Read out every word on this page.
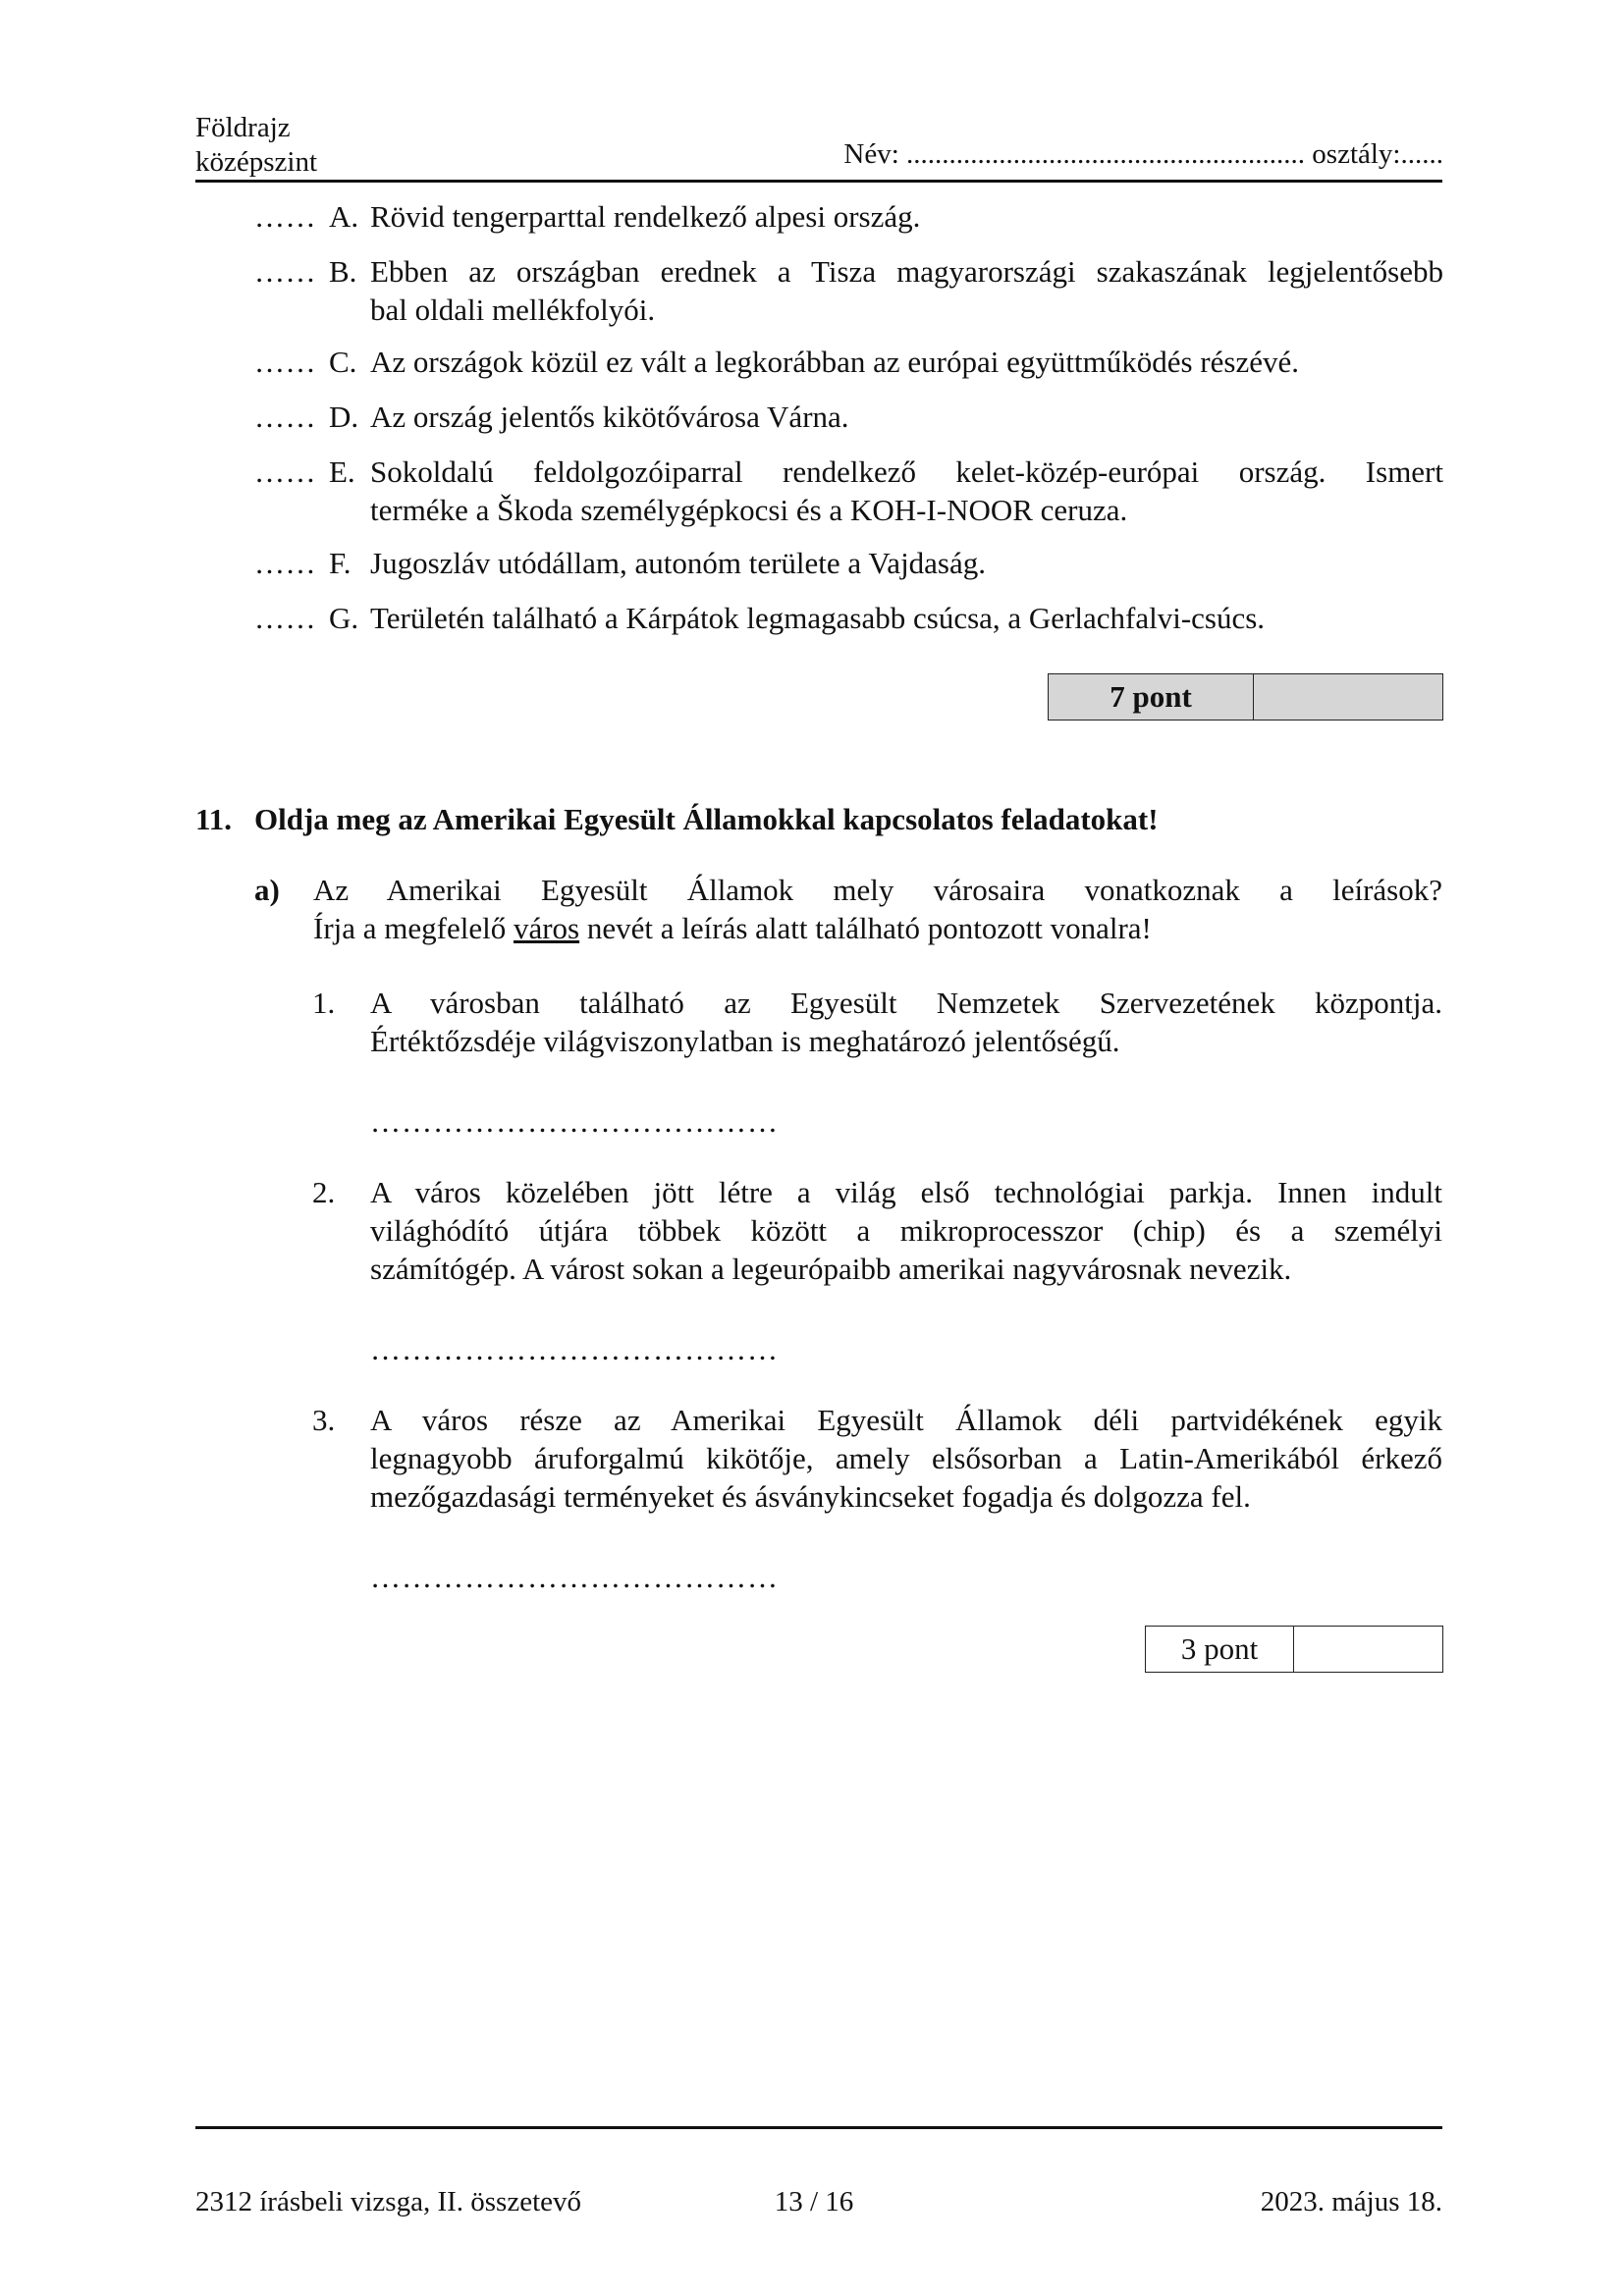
Földrajz
középszint	Név: ........................................................ osztály:......
…… A. Rövid tengerparttal rendelkező alpesi ország.
…… B. Ebben az országban erednek a Tisza magyarországi szakaszának legjelentősebb
bal oldali mellékfolyói.
…… C. Az országok közül ez vált a legkorábban az európai együttműködés részévé.
…… D. Az ország jelentős kikötővárosa Várna.
…… E. Sokoldalú feldolgozóiparral rendelkező kelet-közép-európai ország. Ismert
terméke a Škoda személygépkocsi és a KOH-I-NOOR ceruza.
…… F. Jugoszláv utódállam, autonóm területe a Vajdaság.
…… G. Területén található a Kárpátok legmagasabb csúcsa, a Gerlachfalvi-csúcs.
7 pont
11. Oldja meg az Amerikai Egyesült Államokkal kapcsolatos feladatokat!
a) Az Amerikai Egyesült Államok mely városaira vonatkoznak a leírások?
Írja a megfelelő város nevét a leírás alatt található pontozott vonalra!
1. A városban található az Egyesült Nemzetek Szervezetének központja.
Értéktőzsdéje világviszonylatban is meghatározó jelentőségű.
…………………………………
2. A város közelében jött létre a világ első technológiai parkja. Innen indult
világhódító útjára többek között a mikroprocesszor (chip) és a személyi
számítógép. A várost sokan a legeurópaibb amerikai nagyvárosnak nevezik.
…………………………………
3. A város része az Amerikai Egyesült Államok déli partvidékének egyik
legnagyobb áruforgalmú kikötője, amely elsősorban a Latin-Amerikából érkező
mezőgazdasági terményeket és ásványkincseket fogadja és dolgozza fel.
…………………………………
3 pont
2312 írásbeli vizsga, II. összetevő	13 / 16	2023. május 18.
